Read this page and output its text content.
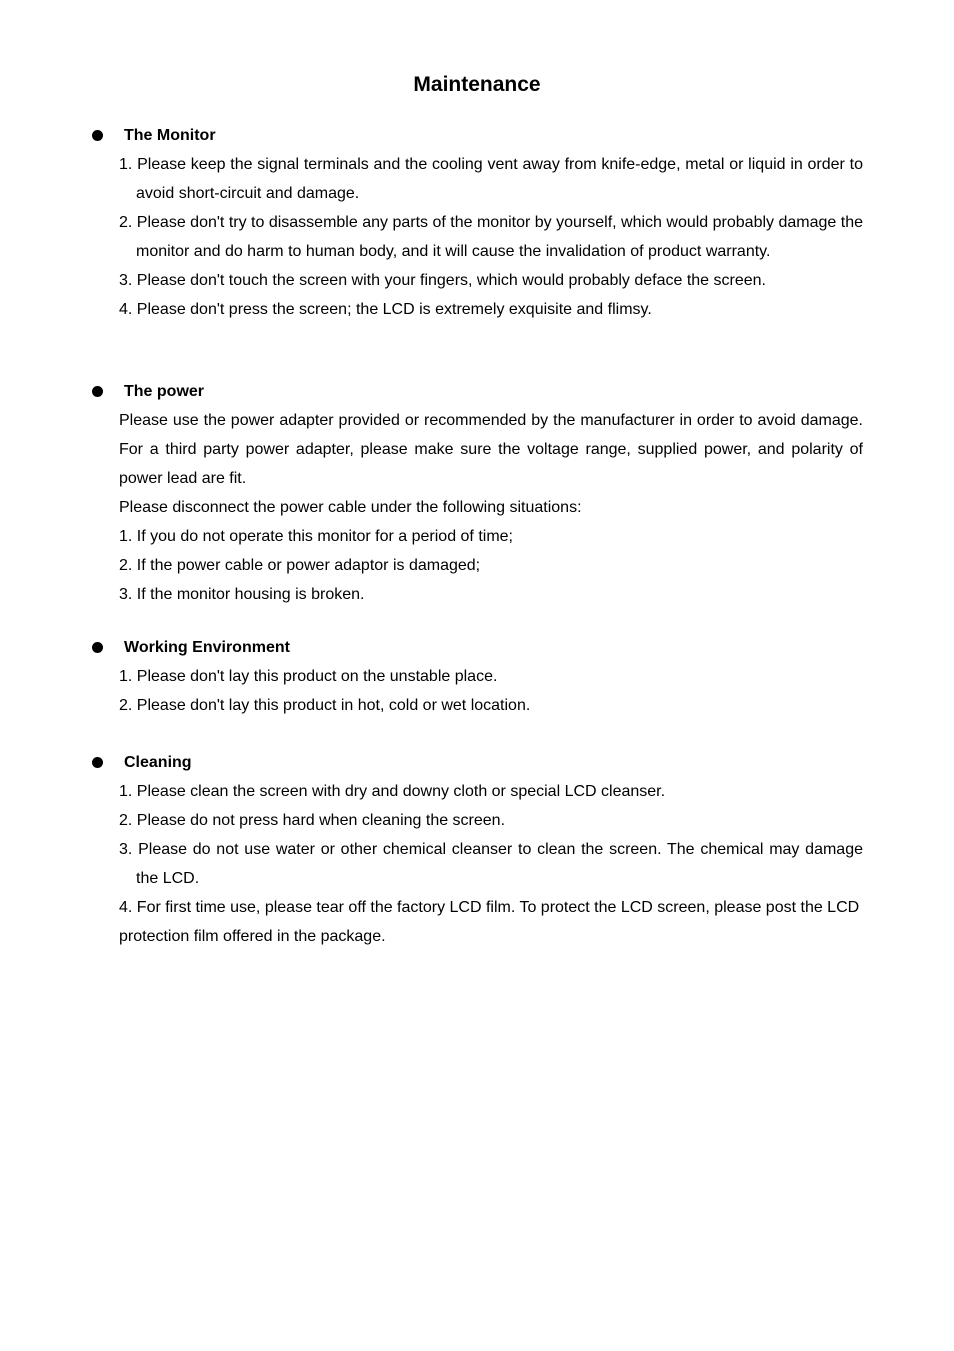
Maintenance
The Monitor
1. Please keep the signal terminals and the cooling vent away from knife-edge, metal or liquid in order to avoid short-circuit and damage.
2. Please don't try to disassemble any parts of the monitor by yourself, which would probably damage the monitor and do harm to human body, and it will cause the invalidation of product warranty.
3. Please don't touch the screen with your fingers, which would probably deface the screen.
4. Please don't press the screen; the LCD is extremely exquisite and flimsy.
The power
Please use the power adapter provided or recommended by the manufacturer in order to avoid damage. For a third party power adapter, please make sure the voltage range, supplied power, and polarity of power lead are fit.
Please disconnect the power cable under the following situations:
1. If you do not operate this monitor for a period of time;
2. If the power cable or power adaptor is damaged;
3. If the monitor housing is broken.
Working Environment
1. Please don't lay this product on the unstable place.
2. Please don't lay this product in hot, cold or wet location.
Cleaning
1. Please clean the screen with dry and downy cloth or special LCD cleanser.
2. Please do not press hard when cleaning the screen.
3. Please do not use water or other chemical cleanser to clean the screen. The chemical may damage the LCD.
4. For first time use, please tear off the factory LCD film. To protect the LCD screen, please post the LCD protection film offered in the package.
